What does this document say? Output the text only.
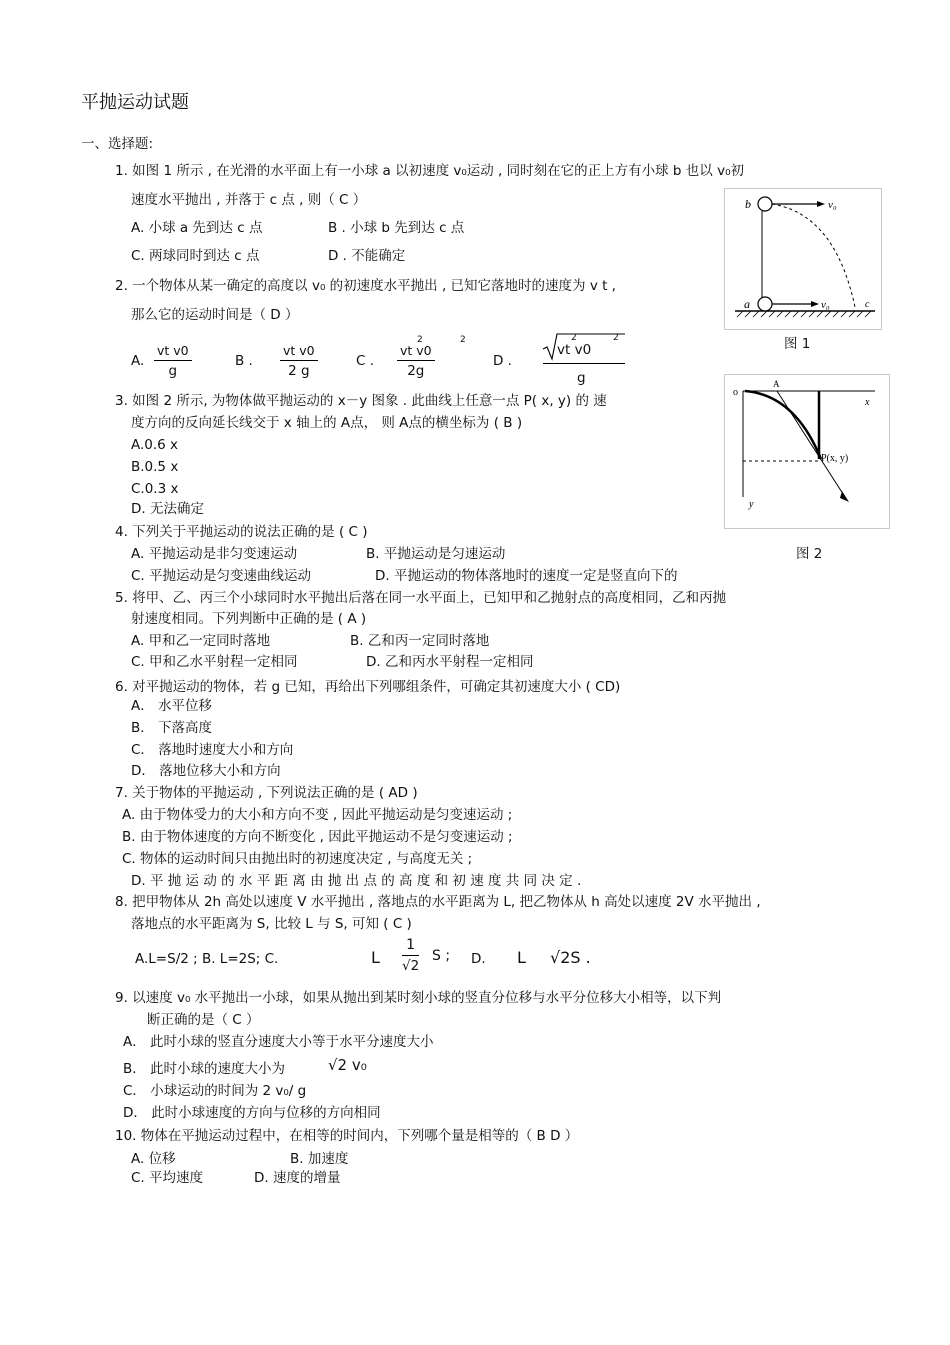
平抛运动试题
一、选择题:
1. 如图 1 所示 , 在光滑的水平面上有一小球 a 以初速度 v₀运动 , 同时刻在它的正上方有小球 b 也以 v₀初
速度水平抛出 , 并落于 c 点 , 则（ C ）
A. 小球 a 先到达 c 点	B . 小球 b 先到达 c 点
C. 两球同时到达 c 点	D . 不能确定
b
a
v₀
v₀	c
图 1
2. 一个物体从某一确定的高度以 v₀ 的初速度水平抛出 , 已知它落地时的速度为 v t ,
那么它的运动时间是（ D ）
A. $\frac{\text{vt v0}}{g}$	B . $\frac{\text{vt v0}}{2 g}$	C . $\frac{\text{vt v0}}{2g}$
2	2
D .
vt v0
2	2
g
3. 如图 2 所示, 为物体做平抛运动的 x－y 图象 . 此曲线上任意一点 P( x, y) 的 速
度方向的反向延长线交于 x 轴上的 A点， 则 A点的横坐标为 ( B )
A.0.6 x
B.0.5 x
C.0.3 x
D. 无法确定
o
A
x
y
P(x, y)
图 2
4. 下列关于平抛运动的说法正确的是 ( C )
A. 平抛运动是非匀变速运动	B. 平抛运动是匀速运动
C. 平抛运动是匀变速曲线运动	D. 平抛运动的物体落地时的速度一定是竖直向下的
5. 将甲、乙、丙三个小球同时水平抛出后落在同一水平面上，已知甲和乙抛射点的高度相同，乙和丙抛
射速度相同。下列判断中正确的是 ( A )
A. 甲和乙一定同时落地	B. 乙和丙一定同时落地
C. 甲和乙水平射程一定相同	D. 乙和丙水平射程一定相同
6. 对平抛运动的物体，若 g 已知，再给出下列哪组条件，可确定其初速度大小 ( CD)
A． 水平位移
B． 下落高度
C． 落地时速度大小和方向
D． 落地位移大小和方向
7. 关于物体的平抛运动 , 下列说法正确的是 ( AD )
A. 由于物体受力的大小和方向不变 , 因此平抛运动是匀变速运动 ;
B. 由于物体速度的方向不断变化 , 因此平抛运动不是匀变速运动 ;
C. 物体的运动时间只由抛出时的初速度决定 , 与高度无关 ;
D. 平 抛 运 动 的 水 平 距 离 由 抛 出 点 的 高 度 和 初 速 度 共 同 决 定 .
8. 把甲物体从 2h 高处以速度 V 水平抛出 , 落地点的水平距离为 L, 把乙物体从 h 高处以速度 2V 水平抛出 ,
落地点的水平距离为 S, 比较 L 与 S, 可知 ( C )
A.L=S/2 ; B. L=2S; C.	L $\frac{1}{√2}$ S ; D. L √2S .
9. 以速度 v₀ 水平抛出一小球，如果从抛出到某时刻小球的竖直分位移与水平分位移大小相等，以下判
断正确的是（ C ）
A． 此时小球的竖直分速度大小等于水平分速度大小
B． 此时小球的速度大小为	√2 v₀
C． 小球运动的时间为 2 v₀/ g
D． 此时小球速度的方向与位移的方向相同
10. 物体在平抛运动过程中，在相等的时间内，下列哪个量是相等的（ B D ）
A. 位移	B. 加速度
C. 平均速度	D. 速度的增量
